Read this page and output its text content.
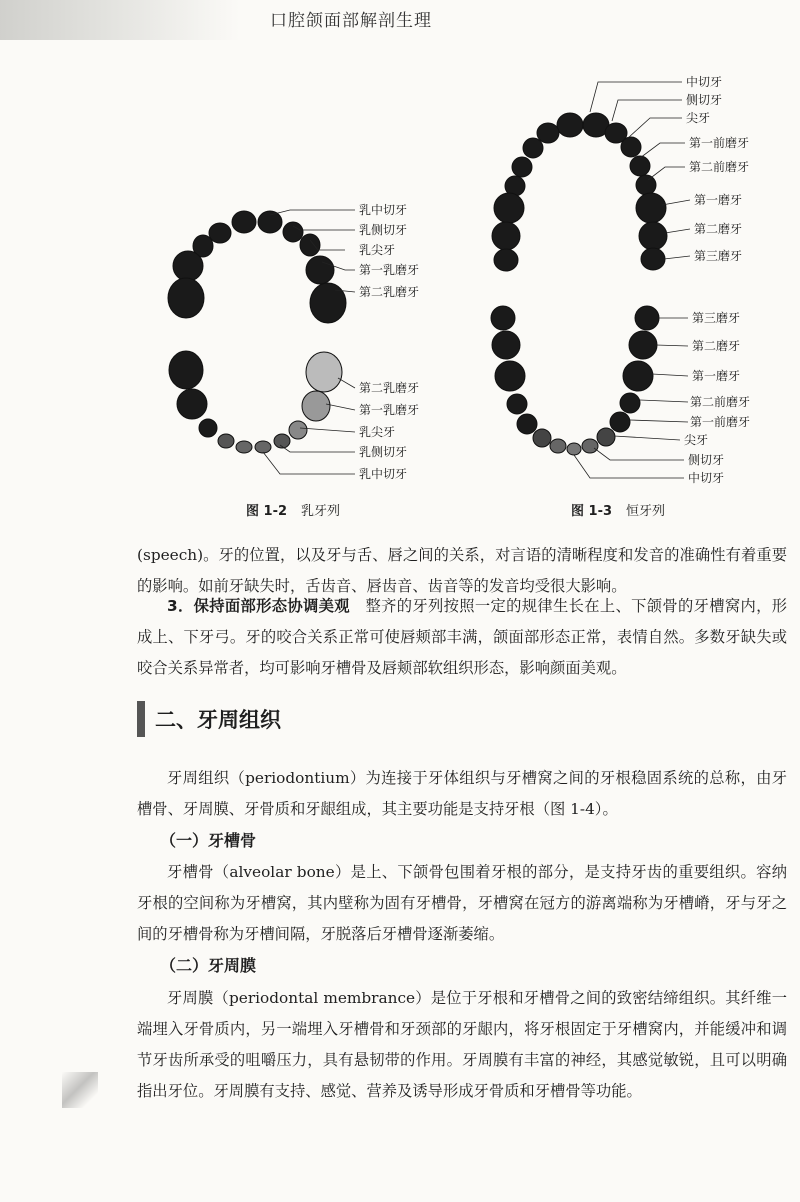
口腔颌面部解剖生理
乳中切牙
乳侧切牙
乳尖牙
第一乳磨牙
第二乳磨牙
第二乳磨牙
第一乳磨牙
乳尖牙
乳侧切牙
乳中切牙
中切牙
侧切牙
尖牙
第一前磨牙
第二前磨牙
第一磨牙
第二磨牙
第三磨牙
第三磨牙
第二磨牙
第一磨牙
第二前磨牙
第一前磨牙
尖牙
侧切牙
中切牙
图 1-2 乳牙列	图 1-3 恒牙列

(speech)。牙的位置，以及牙与舌、唇之间的关系，对言语的清晰程度和发音的准确性有着重要的影响。如前牙缺失时，舌齿音、唇齿音、齿音等的发音均受很大影响。

3．保持面部形态协调美观　整齐的牙列按照一定的规律生长在上、下颌骨的牙槽窝内，形成上、下牙弓。牙的咬合关系正常可使唇颊部丰满，颌面部形态正常，表情自然。多数牙缺失或咬合关系异常者，均可影响牙槽骨及唇颊部软组织形态，影响颜面美观。

二、牙周组织

牙周组织（periodontium）为连接于牙体组织与牙槽窝之间的牙根稳固系统的总称，由牙槽骨、牙周膜、牙骨质和牙龈组成，其主要功能是支持牙根（图 1-4）。

（一）牙槽骨

牙槽骨（alveolar bone）是上、下颌骨包围着牙根的部分，是支持牙齿的重要组织。容纳牙根的空间称为牙槽窝，其内壁称为固有牙槽骨，牙槽窝在冠方的游离端称为牙槽嵴，牙与牙之间的牙槽骨称为牙槽间隔，牙脱落后牙槽骨逐渐萎缩。

（二）牙周膜

牙周膜（periodontal membrance）是位于牙根和牙槽骨之间的致密结缔组织。其纤维一端埋入牙骨质内，另一端埋入牙槽骨和牙颈部的牙龈内，将牙根固定于牙槽窝内，并能缓冲和调节牙齿所承受的咀嚼压力，具有悬韧带的作用。牙周膜有丰富的神经，其感觉敏锐，且可以明确指出牙位。牙周膜有支持、感觉、营养及诱导形成牙骨质和牙槽骨等功能。
